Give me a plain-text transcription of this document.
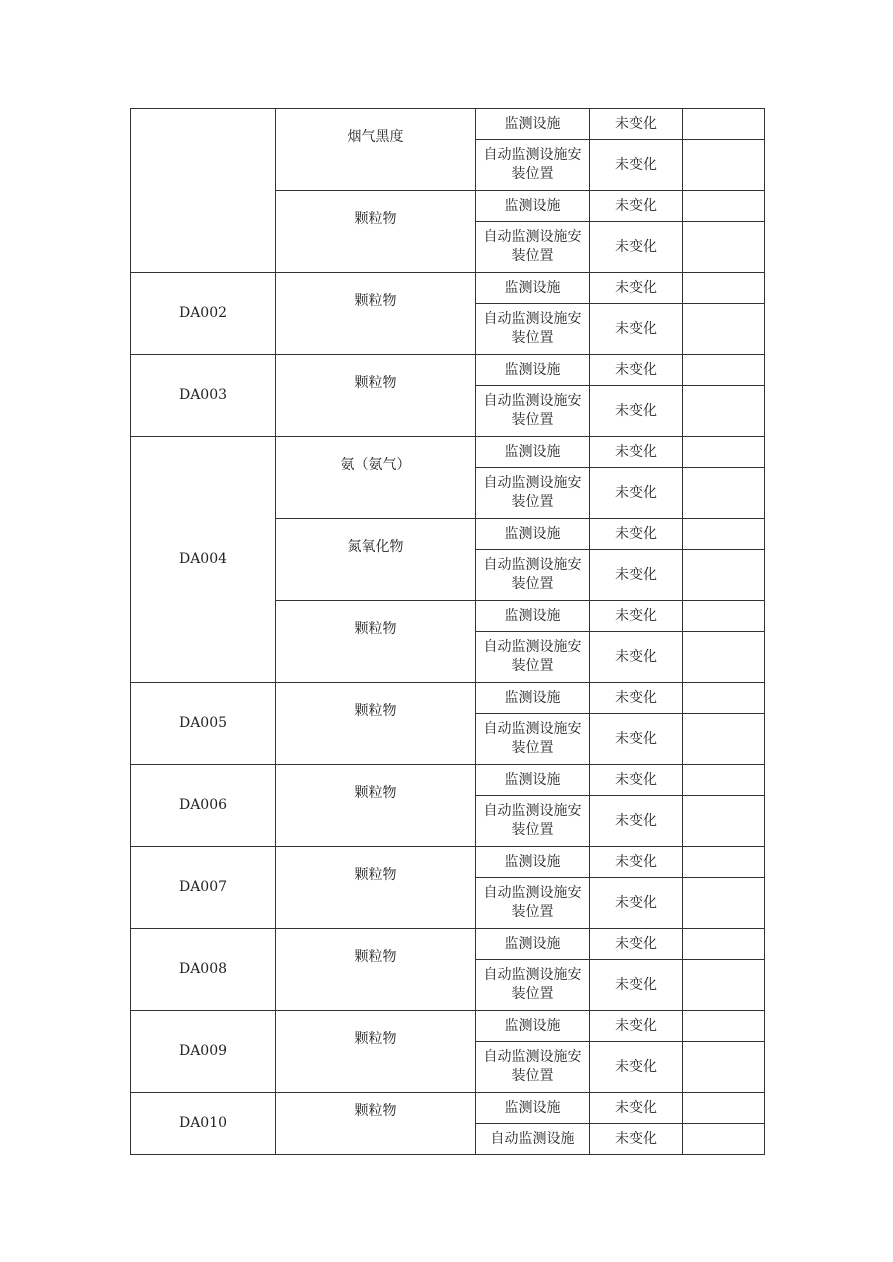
	烟气黑度	监测设施	未变化	
		自动监测设施安装位置	未变化	
	颗粒物	监测设施	未变化	
		自动监测设施安装位置	未变化	
DA002	颗粒物	监测设施	未变化	
		自动监测设施安装位置	未变化	
DA003	颗粒物	监测设施	未变化	
		自动监测设施安装位置	未变化	
DA004	氨（氨气）	监测设施	未变化	
		自动监测设施安装位置	未变化	
	氮氧化物	监测设施	未变化	
		自动监测设施安装位置	未变化	
	颗粒物	监测设施	未变化	
		自动监测设施安装位置	未变化	
DA005	颗粒物	监测设施	未变化	
		自动监测设施安装位置	未变化	
DA006	颗粒物	监测设施	未变化	
		自动监测设施安装位置	未变化	
DA007	颗粒物	监测设施	未变化	
		自动监测设施安装位置	未变化	
DA008	颗粒物	监测设施	未变化	
		自动监测设施安装位置	未变化	
DA009	颗粒物	监测设施	未变化	
		自动监测设施安装位置	未变化	
DA010	颗粒物	监测设施	未变化	
		自动监测设施	未变化	
